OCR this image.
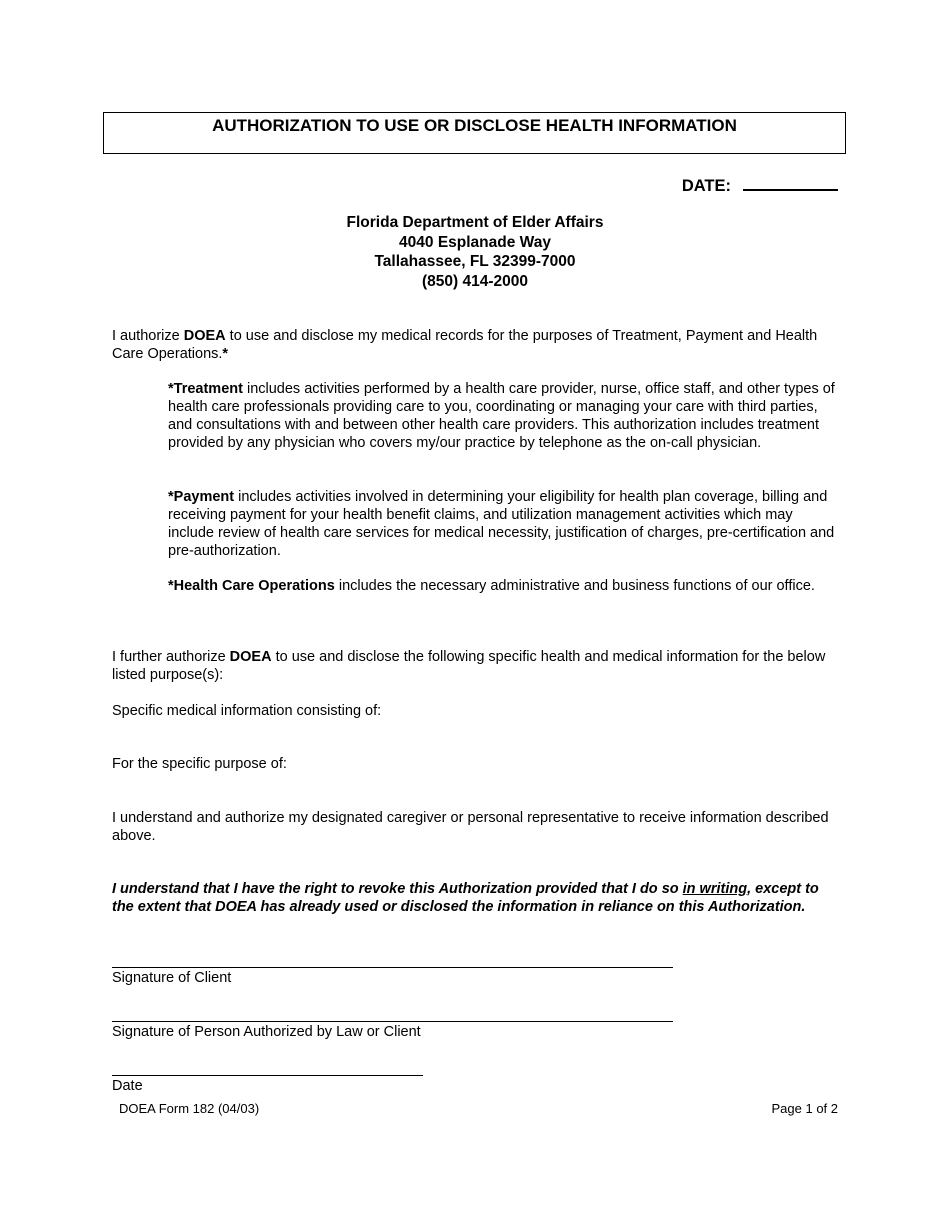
AUTHORIZATION TO USE OR DISCLOSE HEALTH INFORMATION
DATE:
Florida Department of Elder Affairs
4040 Esplanade Way
Tallahassee, FL 32399-7000
(850) 414-2000
I authorize DOEA to use and disclose my medical records for the purposes of Treatment, Payment and Health Care Operations.*
*Treatment includes activities performed by a health care provider, nurse, office staff, and other types of health care professionals providing care to you, coordinating or managing your care with third parties, and consultations with and between other health care providers. This authorization includes treatment provided by any physician who covers my/our practice by telephone as the on-call physician.
*Payment includes activities involved in determining your eligibility for health plan coverage, billing and receiving payment for your health benefit claims, and utilization management activities which may include review of health care services for medical necessity, justification of charges, pre-certification and pre-authorization.
*Health Care Operations includes the necessary administrative and business functions of our office.
I further authorize DOEA to use and disclose the following specific health and medical information for the below listed purpose(s):
Specific medical information consisting of:
For the specific purpose of:
I understand and authorize my designated caregiver or personal representative to receive information described above.
I understand that I have the right to revoke this Authorization provided that I do so in writing, except to the extent that DOEA has already used or disclosed the information in reliance on this Authorization.
Signature of Client
Signature of Person Authorized by Law or Client
Date
DOEA Form 182 (04/03)	Page 1 of 2
